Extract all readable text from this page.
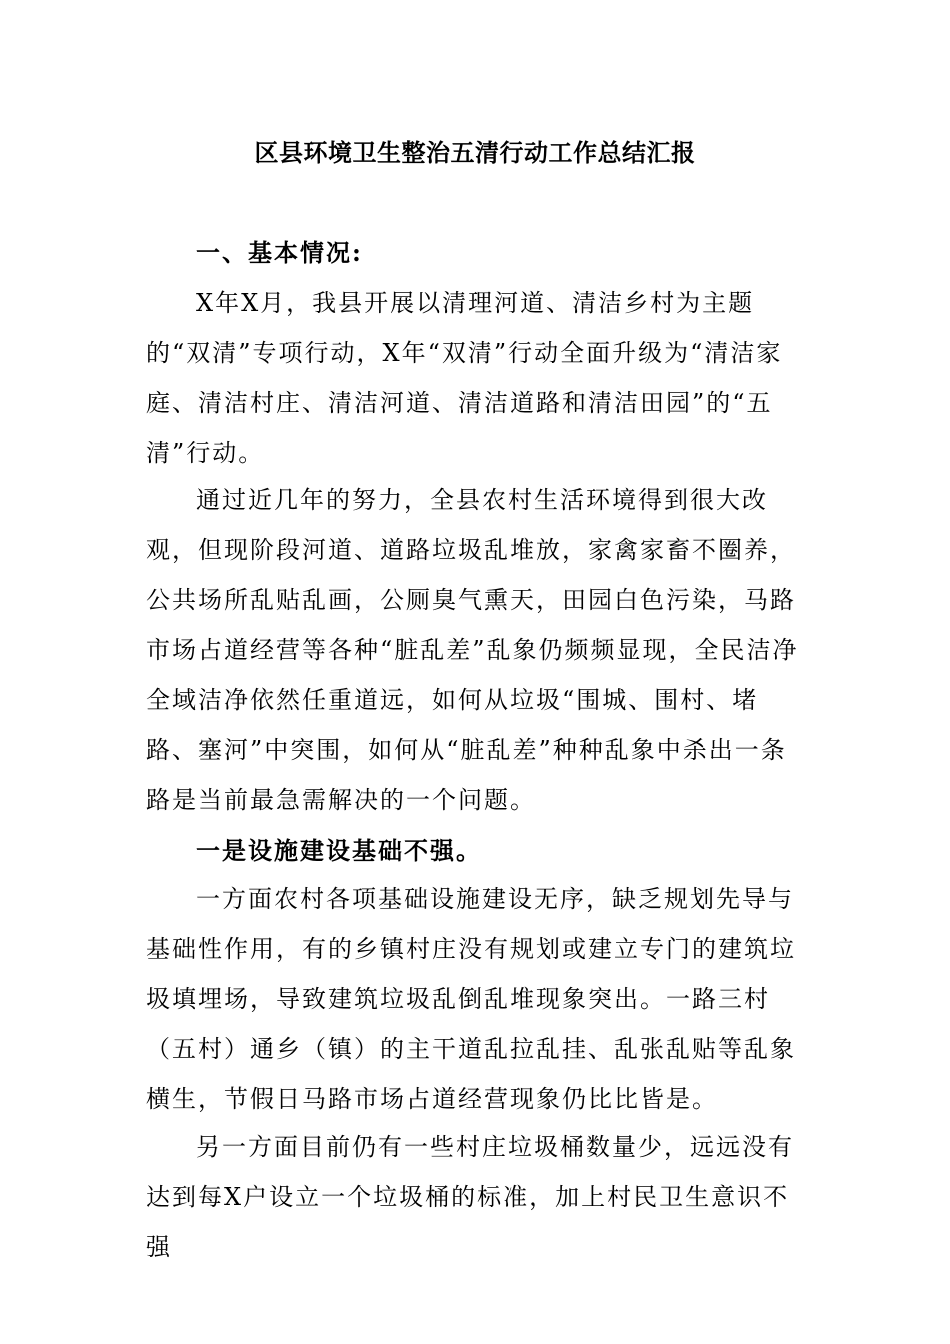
区县环境卫生整治五清行动工作总结汇报
一、基本情况:
X年X月，我县开展以清理河道、清洁乡村为主题的“双清”专项行动，X年“双清”行动全面升级为“清洁家庭、清洁村庄、清洁河道、清洁道路和清洁田园”的“五清”行动。
通过近几年的努力，全县农村生活环境得到很大改观，但现阶段河道、道路垃圾乱堆放，家禽家畜不圈养，公共场所乱贴乱画，公厕臭气熏天，田园白色污染，马路市场占道经营等各种“脏乱差”乱象仍频频显现，全民洁净全域洁净依然任重道远，如何从垃圾“围城、围村、堵路、塞河”中突围，如何从“脏乱差”种种乱象中杀出一条路是当前最急需解决的一个问题。
一是设施建设基础不强。
一方面农村各项基础设施建设无序，缺乏规划先导与基础性作用，有的乡镇村庄没有规划或建立专门的建筑垃圾填埋场，导致建筑垃圾乱倒乱堆现象突出。一路三村（五村）通乡（镇）的主干道乱拉乱挂、乱张乱贴等乱象横生，节假日马路市场占道经营现象仍比比皆是。
另一方面目前仍有一些村庄垃圾桶数量少，远远没有达到每X户设立一个垃圾桶的标准，加上村民卫生意识不强
